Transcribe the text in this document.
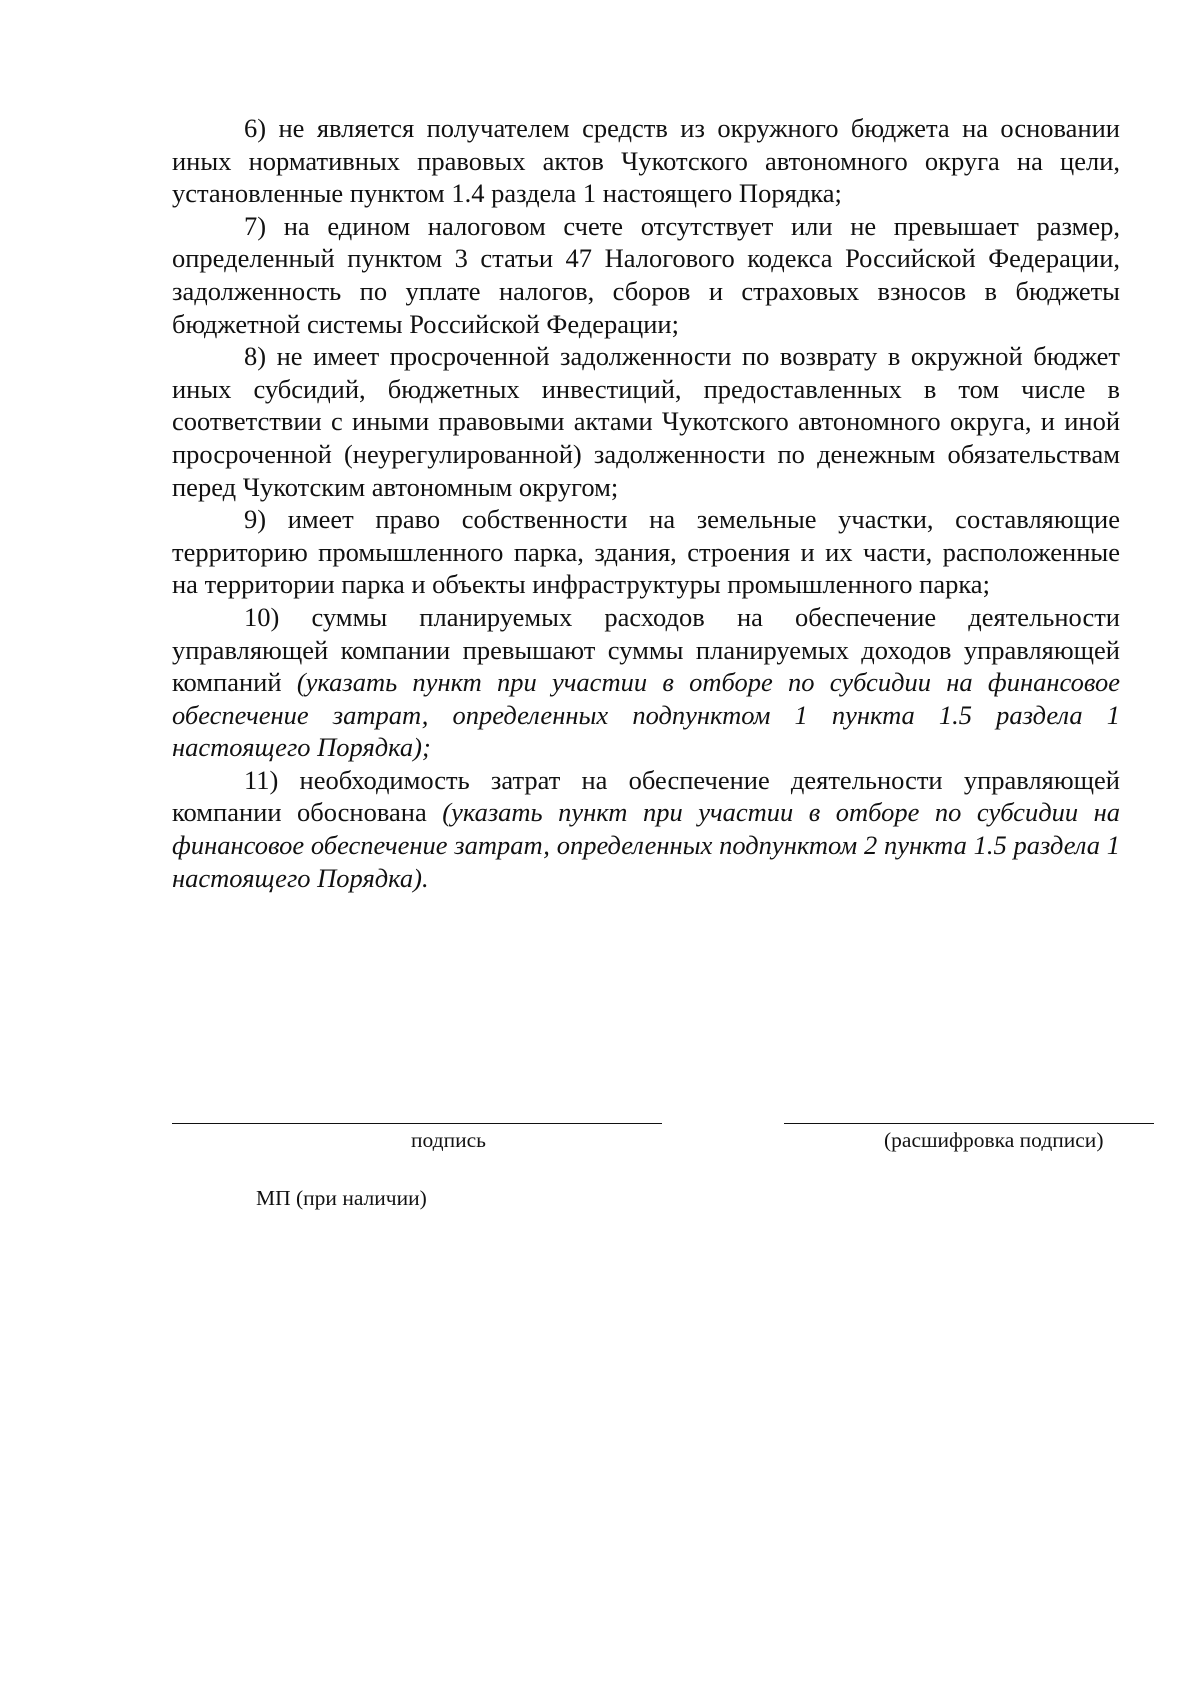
6) не является получателем средств из окружного бюджета на основании иных нормативных правовых актов Чукотского автономного округа на цели, установленные пунктом 1.4 раздела 1 настоящего Порядка;

7) на едином налоговом счете отсутствует или не превышает размер, определенный пунктом 3 статьи 47 Налогового кодекса Российской Федерации, задолженность по уплате налогов, сборов и страховых взносов в бюджеты бюджетной системы Российской Федерации;

8) не имеет просроченной задолженности по возврату в окружной бюджет иных субсидий, бюджетных инвестиций, предоставленных в том числе в соответствии с иными правовыми актами Чукотского автономного округа, и иной просроченной (неурегулированной) задолженности по денежным обязательствам перед Чукотским автономным округом;

9) имеет право собственности на земельные участки, составляющие территорию промышленного парка, здания, строения и их части, расположенные на территории парка и объекты инфраструктуры промышленного парка;

10) суммы планируемых расходов на обеспечение деятельности управляющей компании превышают суммы планируемых доходов управляющей компаний (указать пункт при участии в отборе по субсидии на финансовое обеспечение затрат, определенных подпунктом 1 пункта 1.5 раздела 1 настоящего Порядка);

11) необходимость затрат на обеспечение деятельности управляющей компании обоснована (указать пункт при участии в отборе по субсидии на финансовое обеспечение затрат, определенных подпунктом 2 пункта 1.5 раздела 1 настоящего Порядка).

подпись	(расшифровка подписи)
МП (при наличии)
